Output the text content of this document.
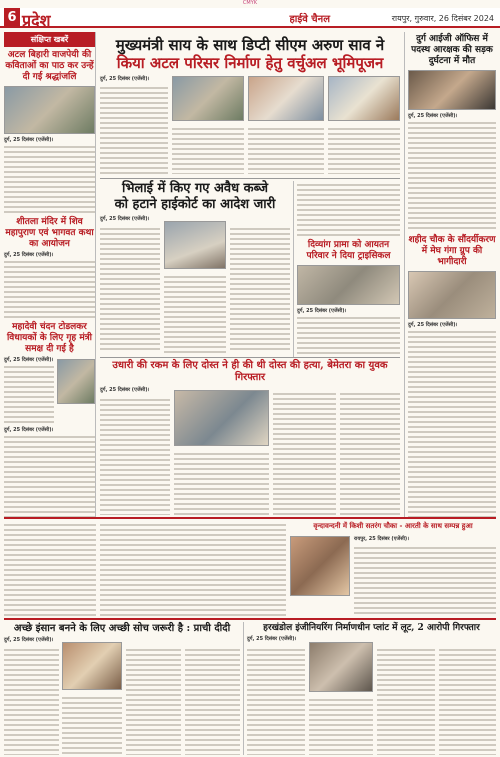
CMYK
6 प्रदेश	हाईवे चैनल	रायपुर, गुरुवार, 26 दिसंबर 2024
संक्षिप्त खबरें
अटल बिहारी वाजपेयी की कविताओं का पाठ कर उन्हें दी गई श्रद्धांजलि
दुर्ग, 25 दिसंबर (एजेंसी)।
शीतला मंदिर में शिव महापुराण एवं भागवत कथा का आयोजन
दुर्ग, 25 दिसंबर (एजेंसी)।
महादेवी चंदन टोडलकर विधायकों के लिए गृह मंत्री समक्ष दी गई है
दुर्ग, 25 दिसंबर (एजेंसी)।
दुर्ग, 25 दिसंबर (एजेंसी)।
मुख्यमंत्री साय के साथ डिप्टी सीएम अरुण साव ने
किया अटल परिसर निर्माण हेतु वर्चुअल भूमिपूजन
दुर्ग, 25 दिसंबर (एजेंसी)।
भिलाई में किए गए अवैध कब्जे
को हटाने हाईकोर्ट का आदेश जारी
दुर्ग, 25 दिसंबर (एजेंसी)।
दिव्यांग प्रामा को आयतन परिवार ने दिया ट्राइसिकल
दुर्ग, 25 दिसंबर (एजेंसी)।
उधारी की रकम के लिए दोस्त ने ही की थी दोस्त की हत्या, बेमेतरा का युवक गिरफ्तार
दुर्ग, 25 दिसंबर (एजेंसी)।
दुर्ग आईजी ऑफिस में पदस्थ आरक्षक की सड़क दुर्घटना में मौत
दुर्ग, 25 दिसंबर (एजेंसी)।
शहीद चौक के सौंदर्यीकरण में मेघ गंगा ग्रुप की भागीदारी
दुर्ग, 25 दिसंबर (एजेंसी)।
वृन्दावन्दनी में किशी सतरंग चौका - आरती के साथ सम्पन्न हुआ
रायपुर, 25 दिसंबर (एजेंसी)।
अच्छे इंसान बनने के लिए अच्छी सोच जरूरी है : प्राची दीदी
दुर्ग, 25 दिसंबर (एजेंसी)।
हरखंडोल इंजीनियरिंग निर्माणधीन प्लांट में लूट, 2 आरोपी गिरफ्तार
दुर्ग, 25 दिसंबर (एजेंसी)।
